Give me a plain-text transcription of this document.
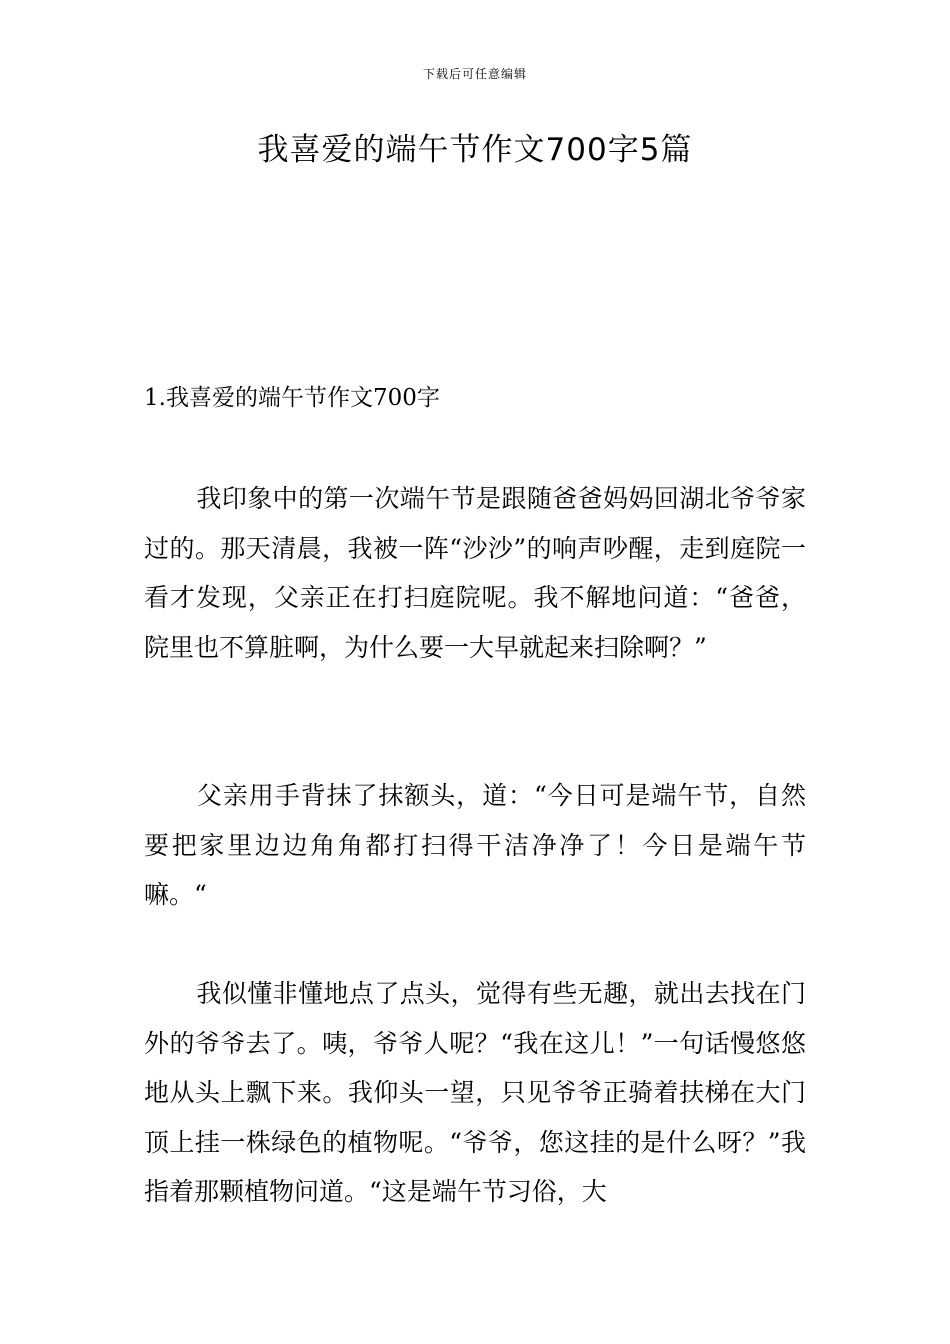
下载后可任意编辑
我喜爱的端午节作文700字5篇
1.我喜爱的端午节作文700字

我印象中的第一次端午节是跟随爸爸妈妈回湖北爷爷家过的。那天清晨，我被一阵“沙沙”的响声吵醒，走到庭院一看才发现，父亲正在打扫庭院呢。我不解地问道：“爸爸，院里也不算脏啊，为什么要一大早就起来扫除啊？”

父亲用手背抹了抹额头，道：“今日可是端午节，自然要把家里边边角角都打扫得干洁净净了！今日是端午节嘛。“

我似懂非懂地点了点头，觉得有些无趣，就出去找在门外的爷爷去了。咦，爷爷人呢？“我在这儿！”一句话慢悠悠地从头上飘下来。我仰头一望，只见爷爷正骑着扶梯在大门顶上挂一株绿色的植物呢。“爷爷，您这挂的是什么呀？”我指着那颗植物问道。“这是端午节习俗，大
